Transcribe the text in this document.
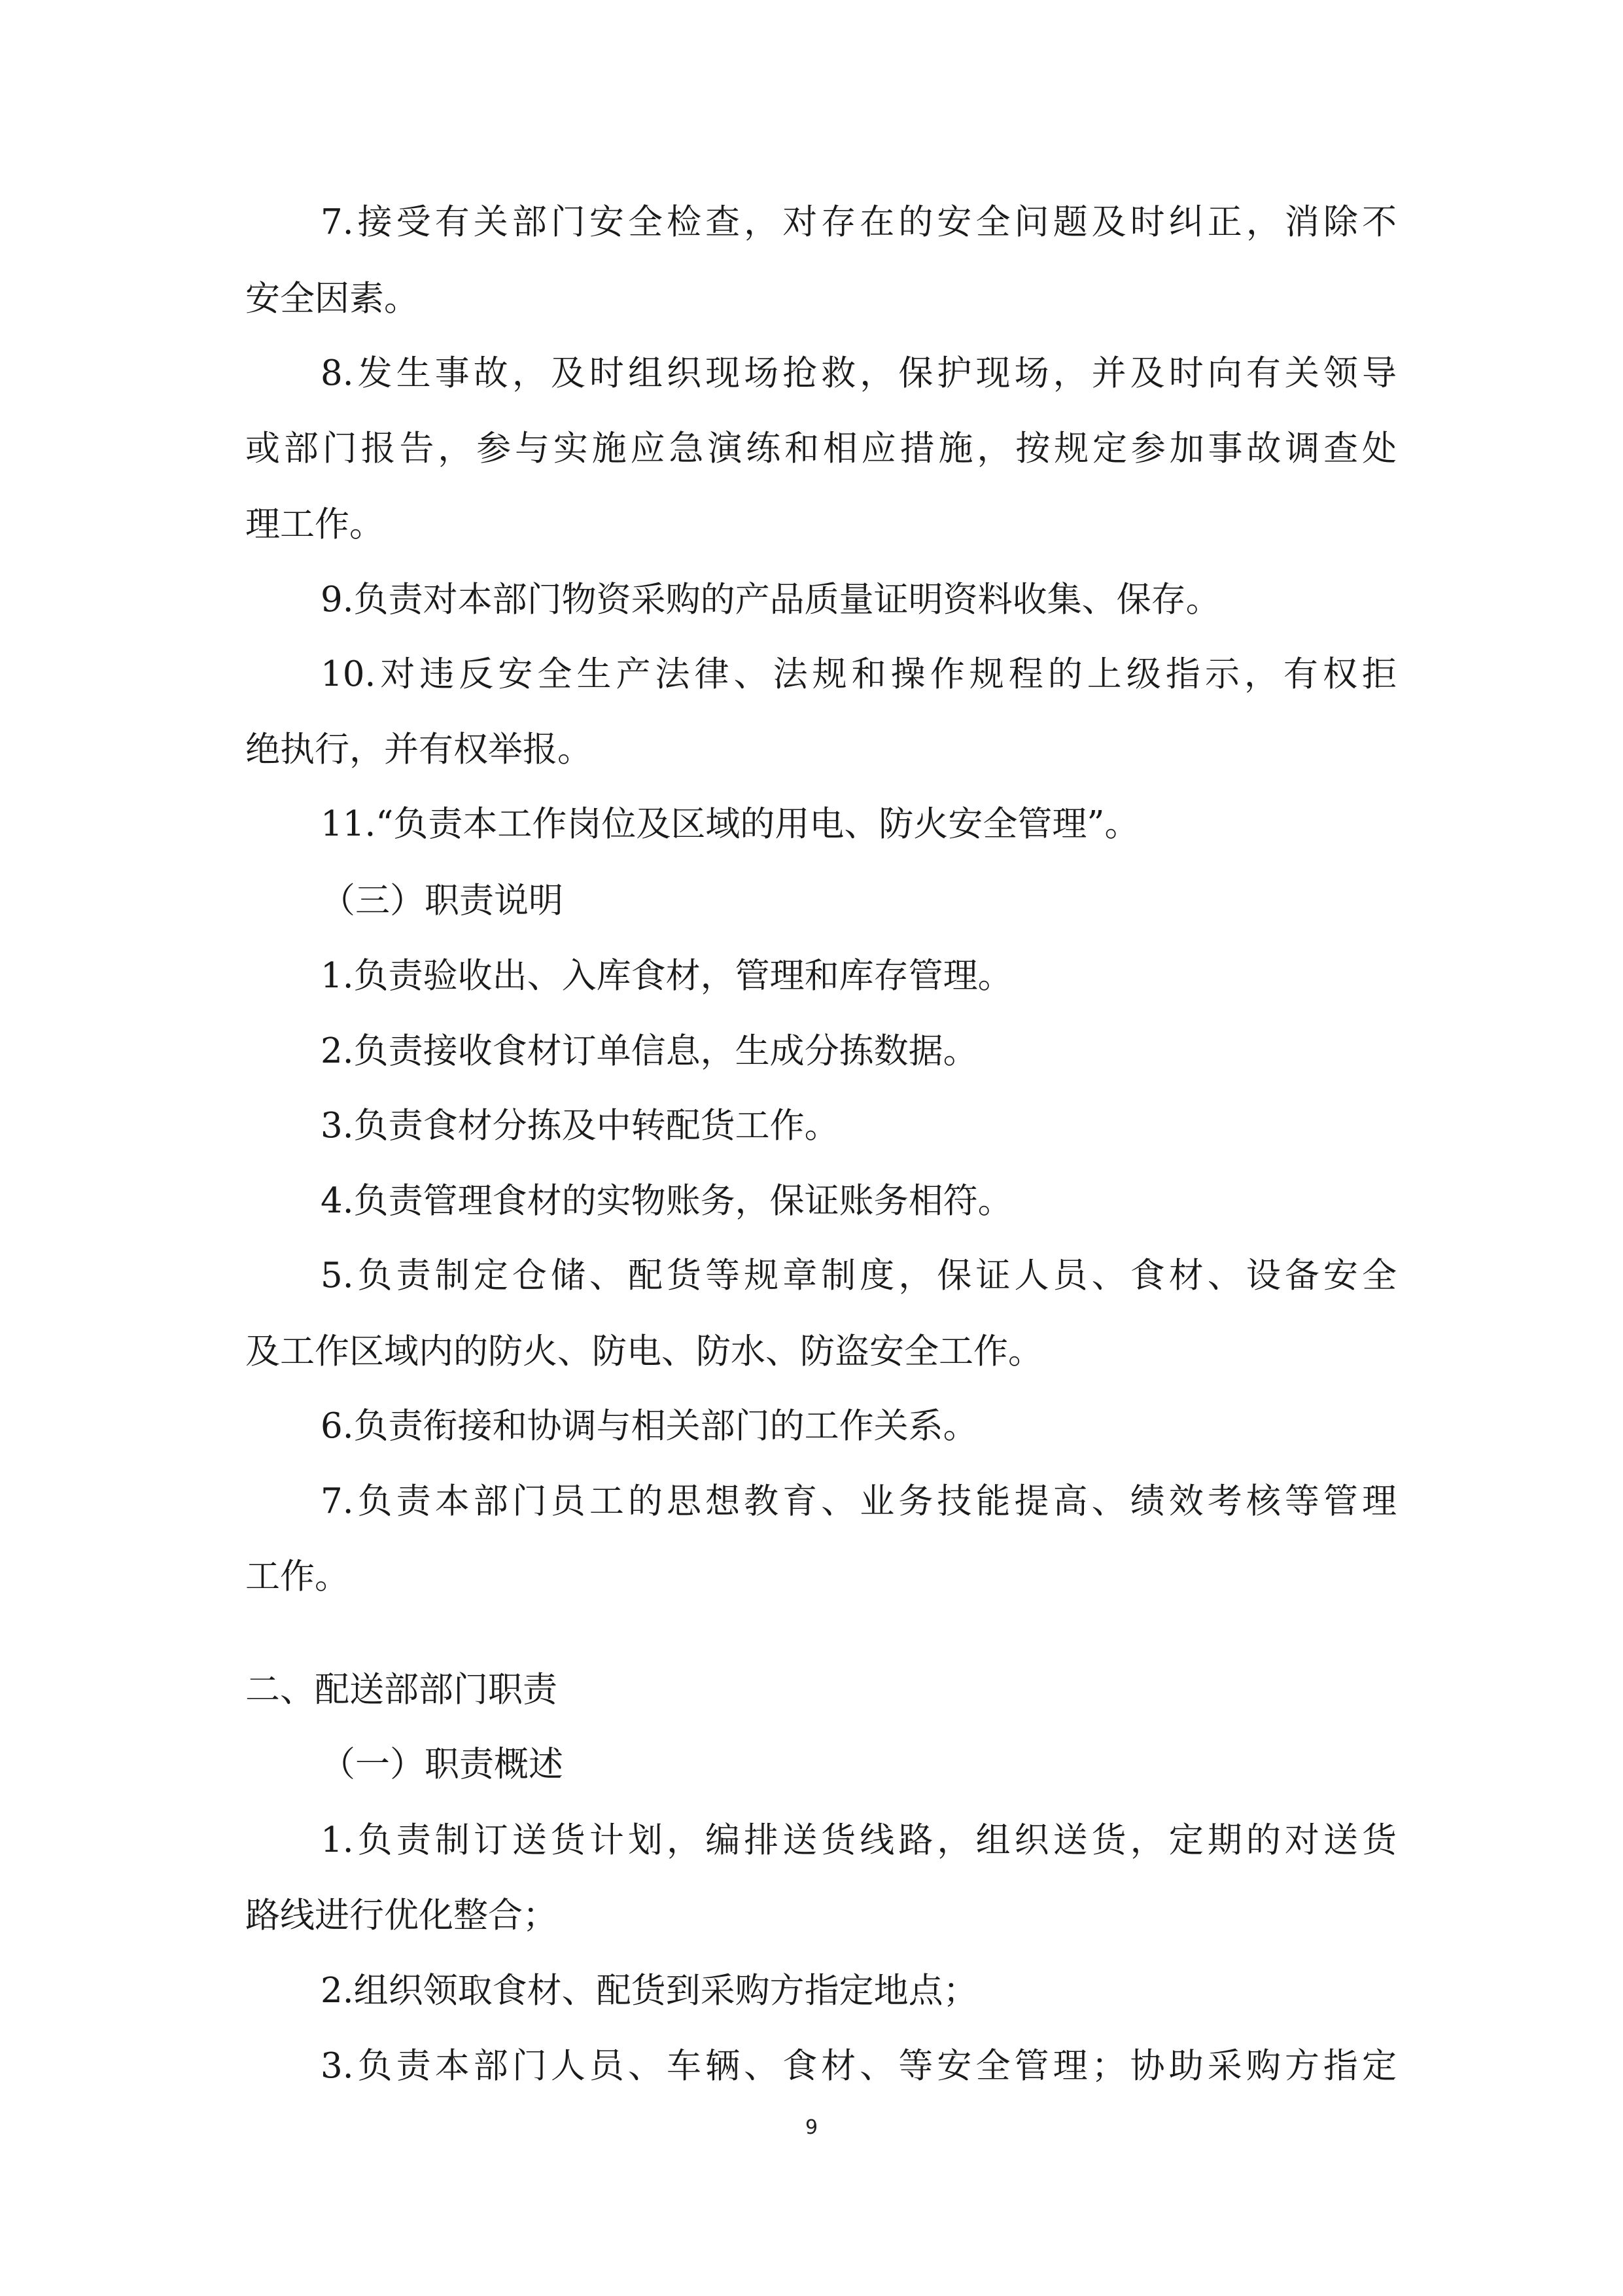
7.接受有关部门安全检查，对存在的安全问题及时纠正，消除不
安全因素。
8.发生事故，及时组织现场抢救，保护现场，并及时向有关领导
或部门报告，参与实施应急演练和相应措施，按规定参加事故调查处
理工作。
9.负责对本部门物资采购的产品质量证明资料收集、保存。
10.对违反安全生产法律、法规和操作规程的上级指示，有权拒
绝执行，并有权举报。
11.“负责本工作岗位及区域的用电、防火安全管理”。
（三）职责说明
1.负责验收出、入库食材，管理和库存管理。
2.负责接收食材订单信息，生成分拣数据。
3.负责食材分拣及中转配货工作。
4.负责管理食材的实物账务，保证账务相符。
5.负责制定仓储、配货等规章制度，保证人员、食材、设备安全
及工作区域内的防火、防电、防水、防盗安全工作。
6.负责衔接和协调与相关部门的工作关系。
7.负责本部门员工的思想教育、业务技能提高、绩效考核等管理
工作。
二、配送部部门职责
（一）职责概述
1.负责制订送货计划，编排送货线路，组织送货，定期的对送货
路线进行优化整合；
2.组织领取食材、配货到采购方指定地点；
3.负责本部门人员、车辆、食材、等安全管理；协助采购方指定
9
